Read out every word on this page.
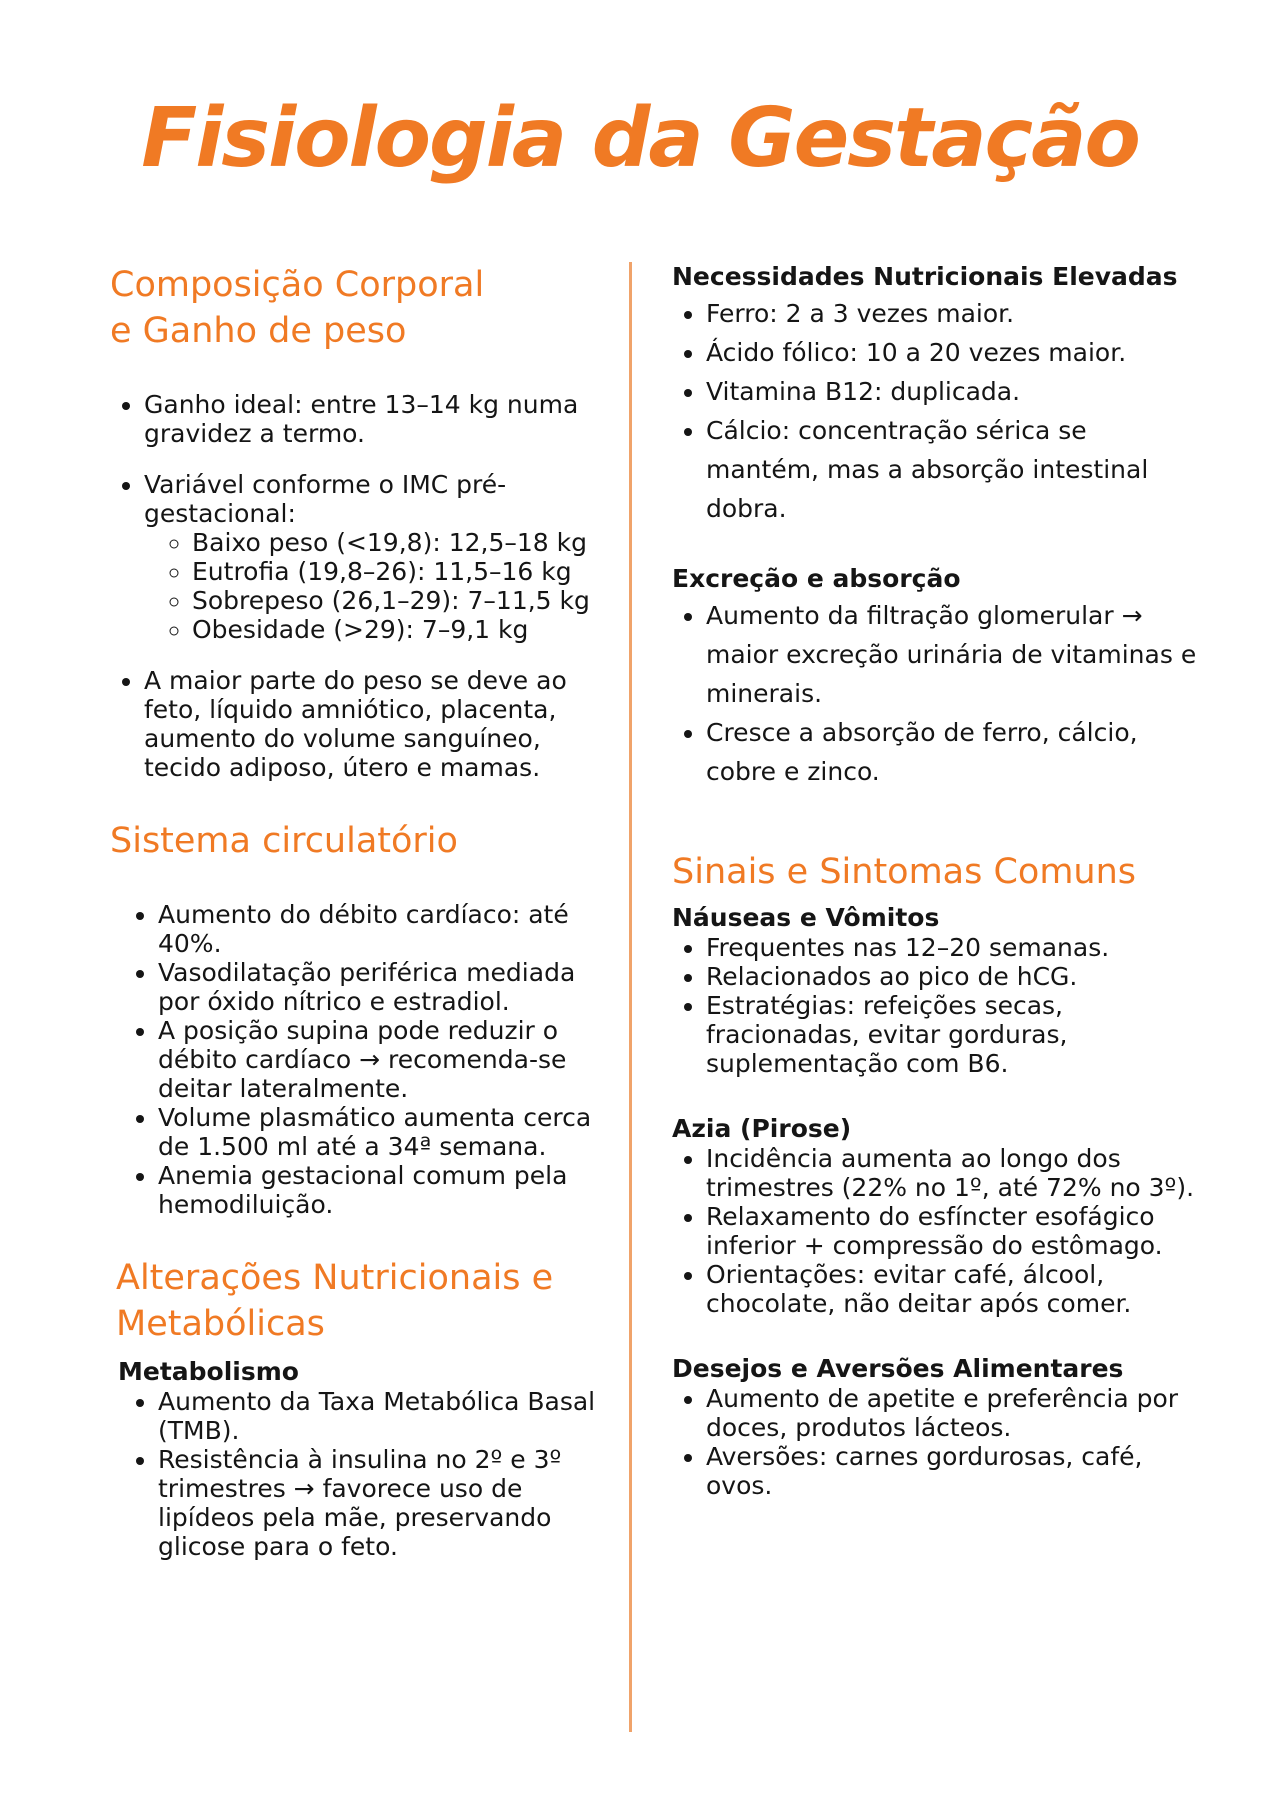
Fisiologia da Gestação
Composição Corporal
e Ganho de peso
• Ganho ideal: entre 13–14 kg numa gravidez a termo.
• Variável conforme o IMC pré-gestacional:
◦ Baixo peso (<19,8): 12,5–18 kg
◦ Eutrofia (19,8–26): 11,5–16 kg
◦ Sobrepeso (26,1–29): 7–11,5 kg
◦ Obesidade (>29): 7–9,1 kg
• A maior parte do peso se deve ao feto, líquido amniótico, placenta, aumento do volume sanguíneo, tecido adiposo, útero e mamas.
Sistema circulatório
• Aumento do débito cardíaco: até 40%.
• Vasodilatação periférica mediada por óxido nítrico e estradiol.
• A posição supina pode reduzir o débito cardíaco → recomenda-se deitar lateralmente.
• Volume plasmático aumenta cerca de 1.500 ml até a 34ª semana.
• Anemia gestacional comum pela hemodiluição.
Alterações Nutricionais e
Metabólicas
Metabolismo
• Aumento da Taxa Metabólica Basal (TMB).
• Resistência à insulina no 2º e 3º trimestres → favorece uso de lipídeos pela mãe, preservando glicose para o feto.
Necessidades Nutricionais Elevadas
• Ferro: 2 a 3 vezes maior.
• Ácido fólico: 10 a 20 vezes maior.
• Vitamina B12: duplicada.
• Cálcio: concentração sérica se mantém, mas a absorção intestinal dobra.
Excreção e absorção
• Aumento da filtração glomerular → maior excreção urinária de vitaminas e minerais.
• Cresce a absorção de ferro, cálcio, cobre e zinco.
Sinais e Sintomas Comuns
Náuseas e Vômitos
• Frequentes nas 12–20 semanas.
• Relacionados ao pico de hCG.
• Estratégias: refeições secas, fracionadas, evitar gorduras, suplementação com B6.
Azia (Pirose)
• Incidência aumenta ao longo dos trimestres (22% no 1º, até 72% no 3º).
• Relaxamento do esfíncter esofágico inferior + compressão do estômago.
• Orientações: evitar café, álcool, chocolate, não deitar após comer.
Desejos e Aversões Alimentares
• Aumento de apetite e preferência por doces, produtos lácteos.
• Aversões: carnes gordurosas, café, ovos.
